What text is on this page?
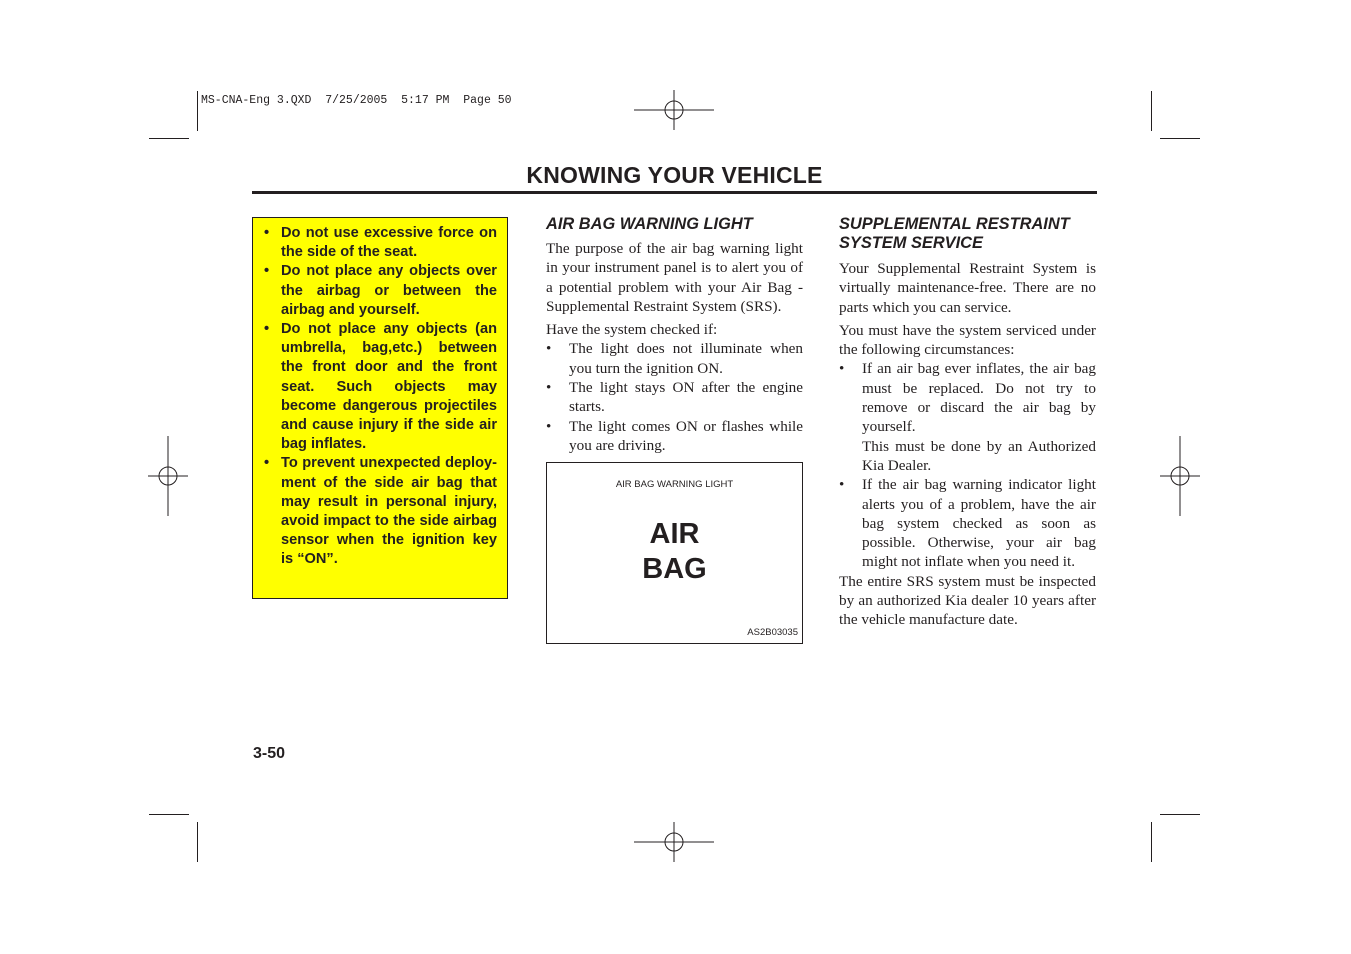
MS-CNA-Eng 3.QXD  7/25/2005  5:17 PM  Page 50
KNOWING YOUR VEHICLE
• Do not use excessive force on the side of the seat.
• Do not place any objects over the airbag or between the airbag and yourself.
• Do not place any objects (an umbrella, bag,etc.) between the front door and the front seat. Such objects may become dangerous projectiles and cause injury if the side air bag inflates.
• To prevent unexpected deploy-ment of the side air bag that may result in personal injury, avoid impact to the side airbag sensor when the ignition key is “ON”.
AIR BAG WARNING LIGHT

The purpose of the air bag warning light in your instrument panel is to alert you of a potential problem with your Air Bag - Supplemental Restraint System (SRS).

Have the system checked if:

• The light does not illuminate when you turn the ignition ON.
• The light stays ON after the engine starts.
• The light comes ON or flashes while you are driving.
AIR BAG WARNING LIGHT
AIR
BAG
AS2B03035
SUPPLEMENTAL RESTRAINT
SYSTEM SERVICE

Your Supplemental Restraint System is virtually maintenance-free. There are no parts which you can service.

You must have the system serviced under the following circumstances:

• If an air bag ever inflates, the air bag must be replaced. Do not try to remove or discard the air bag by yourself.
This must be done by an Authorized Kia Dealer.
• If the air bag warning indicator light alerts you of a problem, have the air bag system checked as soon as possible. Otherwise, your air bag might not inflate when you need it.

The entire SRS system must be inspected by an authorized Kia dealer 10 years after the vehicle manufacture date.

3-50
